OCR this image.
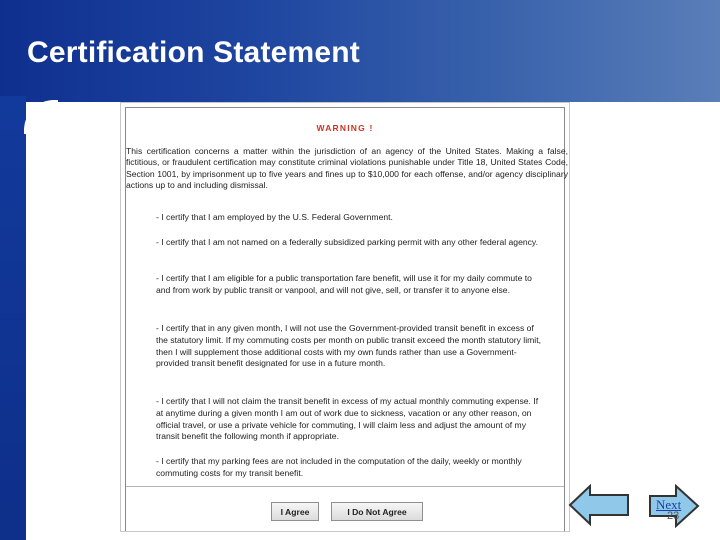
Certification Statement
WARNING !
This certification concerns a matter within the jurisdiction of an agency of the United States. Making a false, fictitious, or fraudulent certification may constitute criminal violations punishable under Title 18, United States Code, Section 1001, by imprisonment up to five years and fines up to $10,000 for each offense, and/or agency disciplinary actions up to and including dismissal.
- I certify that I am employed by the U.S. Federal Government.
- I certify that I am not named on a federally subsidized parking permit with any other federal agency.
- I certify that I am eligible for a public transportation fare benefit, will use it for my daily commute to and from work by public transit or vanpool, and will not give, sell, or transfer it to anyone else.
- I certify that in any given month, I will not use the Government-provided transit benefit in excess of the statutory limit. If my commuting costs per month on public transit exceed the month statutory limit, then I will supplement those additional costs with my own funds rather than use a Government-provided transit benefit designated for use in a future month.
- I certify that I will not claim the transit benefit in excess of my actual monthly commuting expense. If at anytime during a given month I am out of work due to sickness, vacation or any other reason, on official travel, or use a private vehicle for commuting, I will claim less and adjust the amount of my transit benefit the following month if appropriate.
- I certify that my parking fees are not included in the computation of the daily, weekly or monthly commuting costs for my transit benefit.
I Agree	I Do Not Agree	Next
23
